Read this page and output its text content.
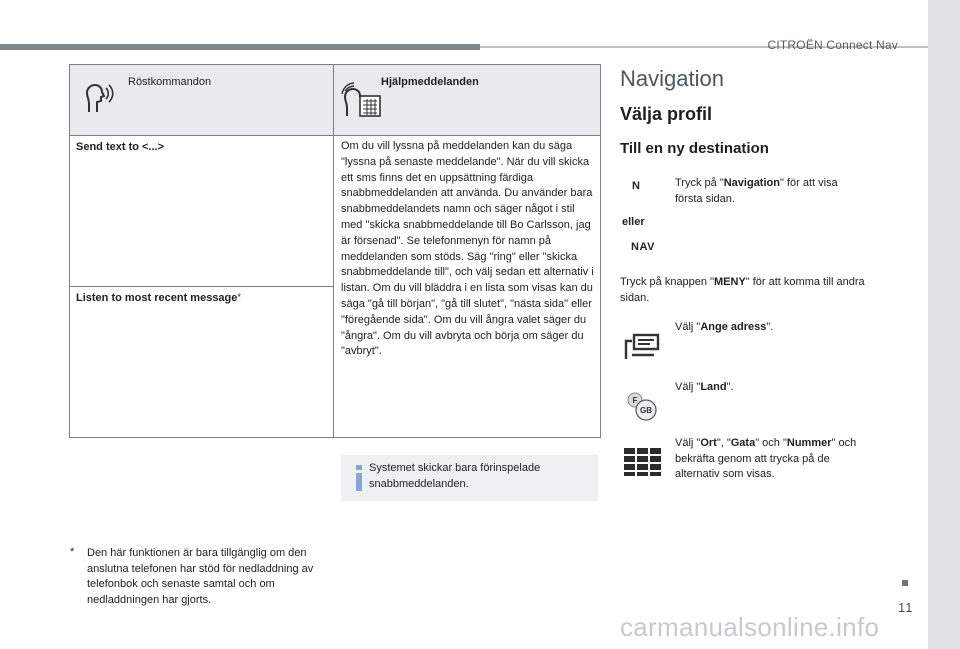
CITROËN Connect Nav
11
Röstkommandon	Hjälpmeddelanden
Send text to <...>
Listen to most recent message*
Om du vill lyssna på meddelanden kan du säga "lyssna på senaste meddelande". När du vill skicka ett sms finns det en uppsättning färdiga snabbmeddelanden att använda. Du använder bara snabbmeddelandets namn och säger något i stil med "skicka snabbmeddelande till Bo Carlsson, jag är försenad". Se telefonmenyn för namn på meddelanden som stöds. Säg "ring" eller "skicka snabbmeddelande till", och välj sedan ett alternativ i listan. Om du vill bläddra i en lista som visas kan du säga "gå till början", "gå till slutet", "nästa sida" eller "föregående sida". Om du vill ångra valet säger du "ångra". Om du vill avbryta och börja om säger du "avbryt".
Systemet skickar bara förinspelade snabbmeddelanden.
* Den här funktionen är bara tillgänglig om den anslutna telefonen har stöd för nedladdning av telefonbok och senaste samtal och om nedladdningen har gjorts.
Navigation
Välja profil
Till en ny destination
N	Tryck på "Navigation" för att visa första sidan.
eller
NAV
Tryck på knappen "MENY" för att komma till andra sidan.
Välj "Ange adress".
F
GB
Välj "Land".
Välj "Ort", "Gata" och "Nummer" och bekräfta genom att trycka på de alternativ som visas.
carmanualsonline.info
